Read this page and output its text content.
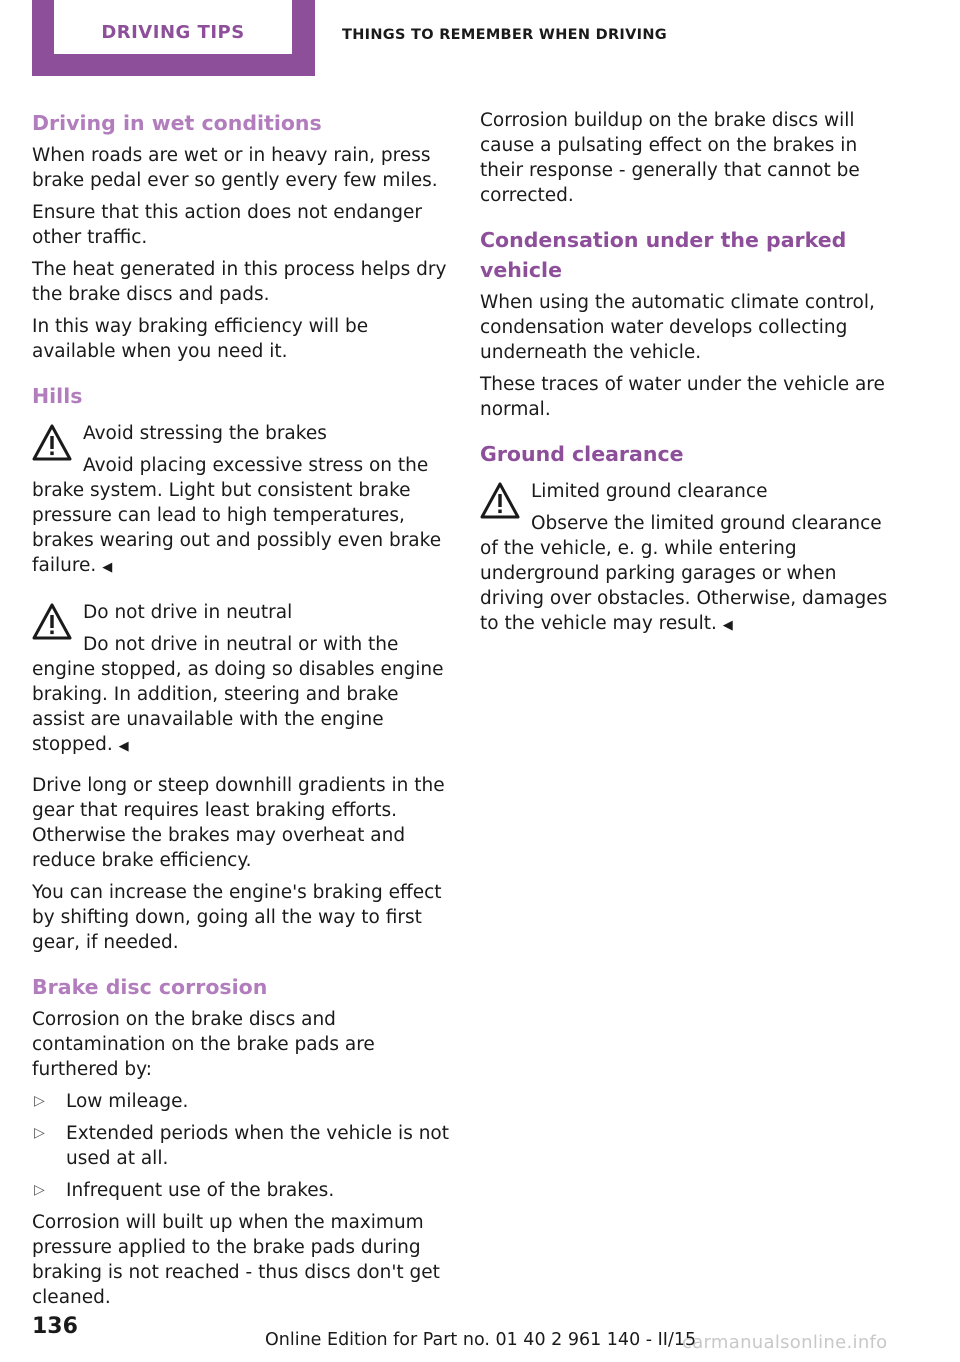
DRIVING TIPS	THINGS TO REMEMBER WHEN DRIVING
Driving in wet conditions

When roads are wet or in heavy rain, press brake pedal ever so gently every few miles.

Ensure that this action does not endanger other traffic.

The heat generated in this process helps dry the brake discs and pads.

In this way braking efficiency will be available when you need it.

Hills

Avoid stressing the brakes

Avoid placing excessive stress on the brake system. Light but consistent brake pressure can lead to high temperatures, brakes wearing out and possibly even brake failure. ◀

Do not drive in neutral

Do not drive in neutral or with the engine stopped, as doing so disables engine braking. In addition, steering and brake assist are unavailable with the engine stopped. ◀

Drive long or steep downhill gradients in the gear that requires least braking efforts. Otherwise the brakes may overheat and reduce brake efficiency.

You can increase the engine's braking effect by shifting down, going all the way to first gear, if needed.

Brake disc corrosion

Corrosion on the brake discs and contamination on the brake pads are furthered by:

▷ Low mileage.
▷ Extended periods when the vehicle is not used at all.
▷ Infrequent use of the brakes.

Corrosion will built up when the maximum pressure applied to the brake pads during braking is not reached - thus discs don't get cleaned.

Corrosion buildup on the brake discs will cause a pulsating effect on the brakes in their response - generally that cannot be corrected.

Condensation under the parked vehicle

When using the automatic climate control, condensation water develops collecting underneath the vehicle.

These traces of water under the vehicle are normal.

Ground clearance

Limited ground clearance

Observe the limited ground clearance of the vehicle, e. g. while entering underground parking garages or when driving over obstacles. Otherwise, damages to the vehicle may result. ◀

136
Online Edition for Part no. 01 40 2 961 140 - II/15
carmanualsonline.info
